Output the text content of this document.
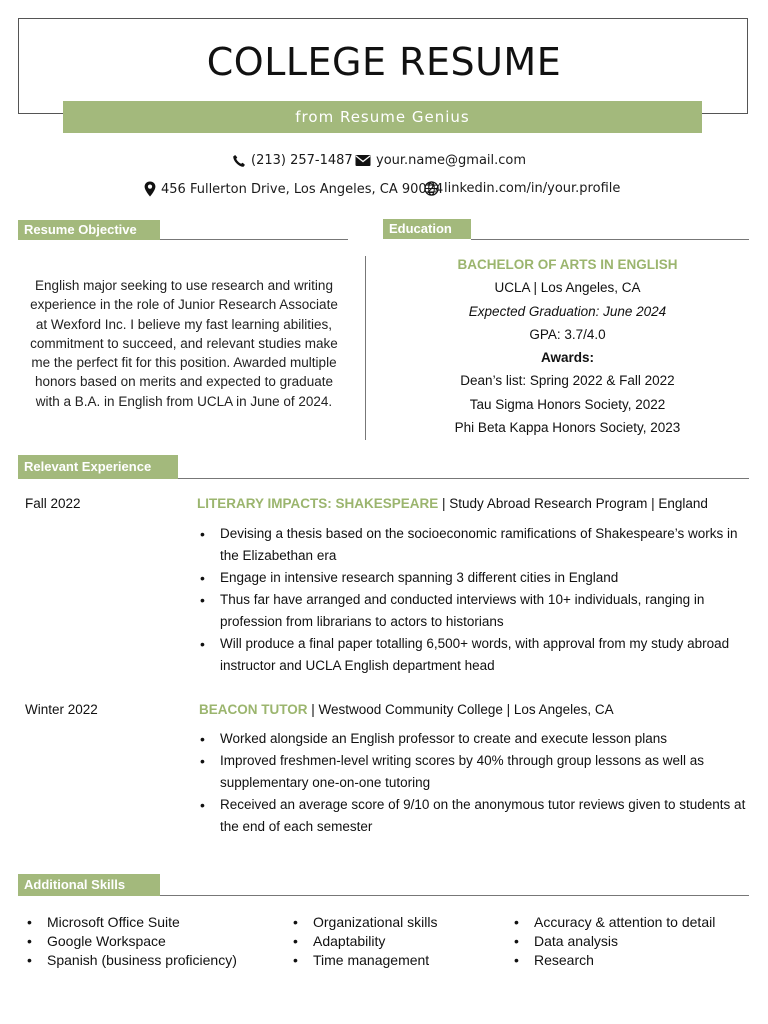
COLLEGE RESUME
from Resume Genius
(213) 257-1487 your.name@gmail.com
456 Fullerton Drive, Los Angeles, CA 90024 linkedin.com/in/your.profile
Resume Objective	Education
English major seeking to use research and writing experience in the role of Junior Research Associate at Wexford Inc. I believe my fast learning abilities, commitment to succeed, and relevant studies make me the perfect fit for this position. Awarded multiple honors based on merits and expected to graduate with a B.A. in English from UCLA in June of 2024.
BACHELOR OF ARTS IN ENGLISH
UCLA | Los Angeles, CA
Expected Graduation: June 2024
GPA: 3.7/4.0
Awards:
Dean’s list: Spring 2022 & Fall 2022
Tau Sigma Honors Society, 2022
Phi Beta Kappa Honors Society, 2023
Relevant Experience
Fall 2022	LITERARY IMPACTS: SHAKESPEARE | Study Abroad Research Program | England
• Devising a thesis based on the socioeconomic ramifications of Shakespeare’s works in the Elizabethan era
• Engage in intensive research spanning 3 different cities in England
• Thus far have arranged and conducted interviews with 10+ individuals, ranging in profession from librarians to actors to historians
• Will produce a final paper totalling 6,500+ words, with approval from my study abroad instructor and UCLA English department head
Winter 2022	BEACON TUTOR | Westwood Community College | Los Angeles, CA
• Worked alongside an English professor to create and execute lesson plans
• Improved freshmen-level writing scores by 40% through group lessons as well as supplementary one-on-one tutoring
• Received an average score of 9/10 on the anonymous tutor reviews given to students at the end of each semester
Additional Skills
• Microsoft Office Suite
• Google Workspace
• Spanish (business proficiency)
• Organizational skills
• Adaptability
• Time management
• Accuracy & attention to detail
• Data analysis
• Research
